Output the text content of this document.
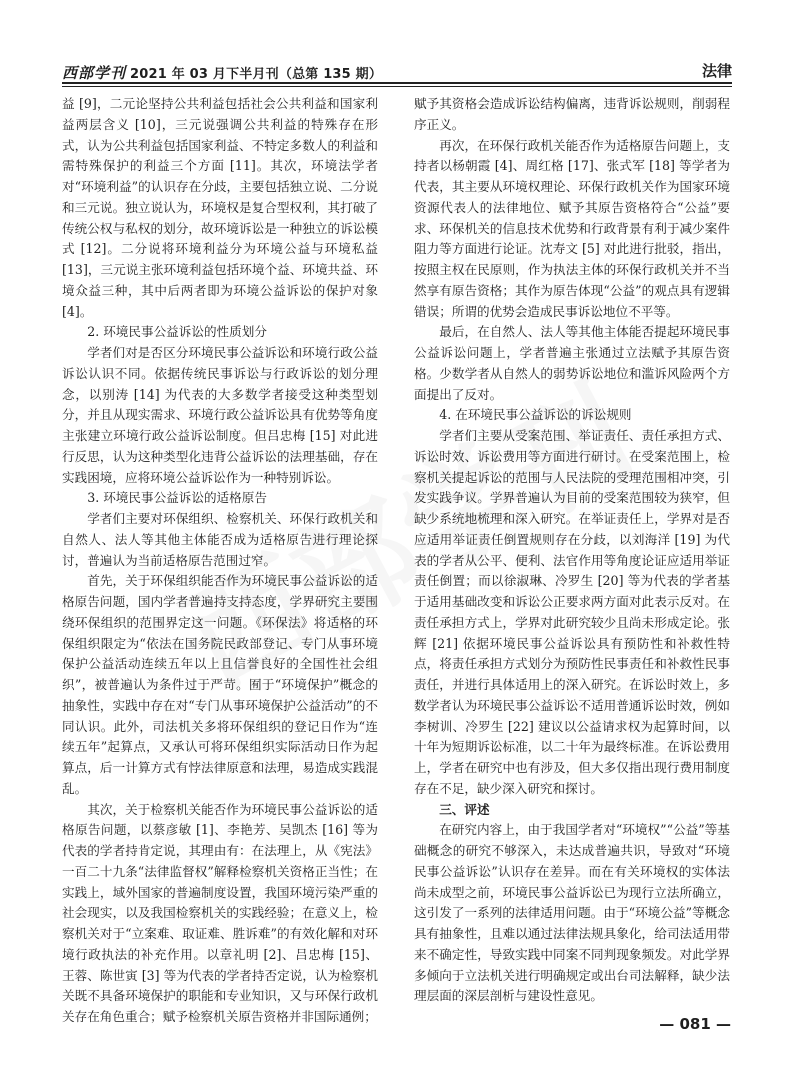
西部学刊 2021 年 03 月下半月刊（总第 135 期）	法律

益 [9]，二元论坚持公共利益包括社会公共利益和国家利益两层含义 [10]，三元说强调公共利益的特殊存在形式，认为公共利益包括国家利益、不特定多数人的利益和需特殊保护的利益三个方面 [11]。其次，环境法学者对“环境利益”的认识存在分歧，主要包括独立说、二分说和三元说。独立说认为，环境权是复合型权利，其打破了传统公权与私权的划分，故环境诉讼是一种独立的诉讼模式 [12]。二分说将环境利益分为环境公益与环境私益 [13]，三元说主张环境利益包括环境个益、环境共益、环境众益三种，其中后两者即为环境公益诉讼的保护对象 [4]。

2. 环境民事公益诉讼的性质划分

学者们对是否区分环境民事公益诉讼和环境行政公益诉讼认识不同。依据传统民事诉讼与行政诉讼的划分理念，以别涛 [14] 为代表的大多数学者接受这种类型划分，并且从现实需求、环境行政公益诉讼具有优势等角度主张建立环境行政公益诉讼制度。但吕忠梅 [15] 对此进行反思，认为这种类型化违背公益诉讼的法理基础，存在实践困境，应将环境公益诉讼作为一种特别诉讼。

3. 环境民事公益诉讼的适格原告

学者们主要对环保组织、检察机关、环保行政机关和自然人、法人等其他主体能否成为适格原告进行理论探讨，普遍认为当前适格原告范围过窄。

首先，关于环保组织能否作为环境民事公益诉讼的适格原告问题，国内学者普遍持支持态度，学界研究主要围绕环保组织的范围界定这一问题。《环保法》将适格的环保组织限定为“依法在国务院民政部登记、专门从事环境保护公益活动连续五年以上且信誉良好的全国性社会组织”，被普遍认为条件过于严苛。囿于“环境保护”概念的抽象性，实践中存在对“专门从事环境保护公益活动”的不同认识。此外，司法机关多将环保组织的登记日作为“连续五年”起算点，又承认可将环保组织实际活动日作为起算点，后一计算方式有悖法律原意和法理，易造成实践混乱。

其次，关于检察机关能否作为环境民事公益诉讼的适格原告问题，以蔡彦敏 [1]、李艳芳、吴凯杰 [16] 等为代表的学者持肯定说，其理由有：在法理上，从《宪法》一百二十九条“法律监督权”解释检察机关资格正当性；在实践上，域外国家的普遍制度设置，我国环境污染严重的社会现实，以及我国检察机关的实践经验；在意义上，检察机关对于“立案难、取证难、胜诉难”的有效化解和对环境行政执法的补充作用。以章礼明 [2]、吕忠梅 [15]、王蓉、陈世寅 [3] 等为代表的学者持否定说，认为检察机关既不具备环境保护的职能和专业知识，又与环保行政机关存在角色重合；赋予检察机关原告资格并非国际通例；

赋予其资格会造成诉讼结构偏离，违背诉讼规则，削弱程序正义。

再次，在环保行政机关能否作为适格原告问题上，支持者以杨朝霞 [4]、周红格 [17]、张式军 [18] 等学者为代表，其主要从环境权理论、环保行政机关作为国家环境资源代表人的法律地位、赋予其原告资格符合“公益”要求、环保机关的信息技术优势和行政背景有利于减少案件阻力等方面进行论证。沈寿文 [5] 对此进行批驳，指出，按照主权在民原则，作为执法主体的环保行政机关并不当然享有原告资格；其作为原告体现“公益”的观点具有逻辑错误；所谓的优势会造成民事诉讼地位不平等。

最后，在自然人、法人等其他主体能否提起环境民事公益诉讼问题上，学者普遍主张通过立法赋予其原告资格。少数学者从自然人的弱势诉讼地位和滥诉风险两个方面提出了反对。

4. 在环境民事公益诉讼的诉讼规则

学者们主要从受案范围、举证责任、责任承担方式、诉讼时效、诉讼费用等方面进行研讨。在受案范围上，检察机关提起诉讼的范围与人民法院的受理范围相冲突，引发实践争议。学界普遍认为目前的受案范围较为狭窄，但缺少系统地梳理和深入研究。在举证责任上，学界对是否应适用举证责任倒置规则存在分歧，以刘海洋 [19] 为代表的学者从公平、便利、法官作用等角度论证应适用举证责任倒置；而以徐淑琳、冷罗生 [20] 等为代表的学者基于适用基础改变和诉讼公正要求两方面对此表示反对。在责任承担方式上，学界对此研究较少且尚未形成定论。张辉 [21] 依据环境民事公益诉讼具有预防性和补救性特点，将责任承担方式划分为预防性民事责任和补救性民事责任，并进行具体适用上的深入研究。在诉讼时效上，多数学者认为环境民事公益诉讼不适用普通诉讼时效，例如李树训、冷罗生 [22] 建议以公益请求权为起算时间，以十年为短期诉讼标准，以二十年为最终标准。在诉讼费用上，学者在研究中也有涉及，但大多仅指出现行费用制度存在不足，缺少深入研究和探讨。

三、评述

在研究内容上，由于我国学者对“环境权”“公益”等基础概念的研究不够深入，未达成普遍共识，导致对“环境民事公益诉讼”认识存在差异。而在有关环境权的实体法尚未成型之前，环境民事公益诉讼已为现行立法所确立，这引发了一系列的法律适用问题。由于“环境公益”等概念具有抽象性，且难以通过法律法规具象化，给司法适用带来不确定性，导致实践中同案不同判现象频发。对此学界多倾向于立法机关进行明确规定或出台司法解释，缺少法理层面的深层剖析与建设性意见。

— 081 —
